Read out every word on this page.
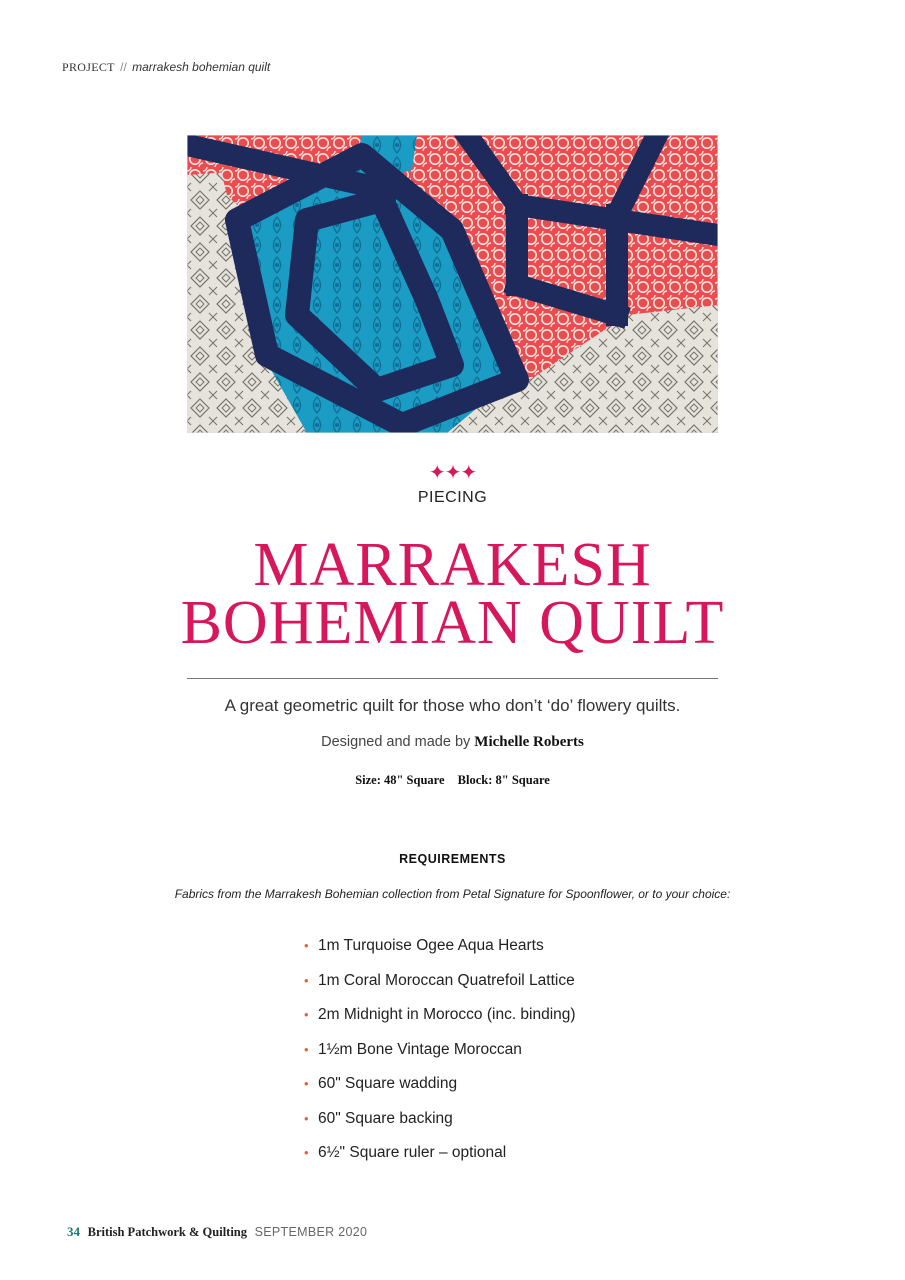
PROJECT // marrakesh bohemian quilt
✦✦✦
PIECING
MARRAKESH
BOHEMIAN QUILT
A great geometric quilt for those who don’t ‘do’ flowery quilts.
Designed and made by Michelle Roberts
Size: 48" Square Block: 8" Square
REQUIREMENTS
Fabrics from the Marrakesh Bohemian collection from Petal Signature for Spoonflower, or to your choice:
• 1m Turquoise Ogee Aqua Hearts
• 1m Coral Moroccan Quatrefoil Lattice
• 2m Midnight in Morocco (inc. binding)
• 1½m Bone Vintage Moroccan
• 60" Square wadding
• 60" Square backing
• 6½" Square ruler – optional
34 British Patchwork & Quilting SEPTEMBER 2020
